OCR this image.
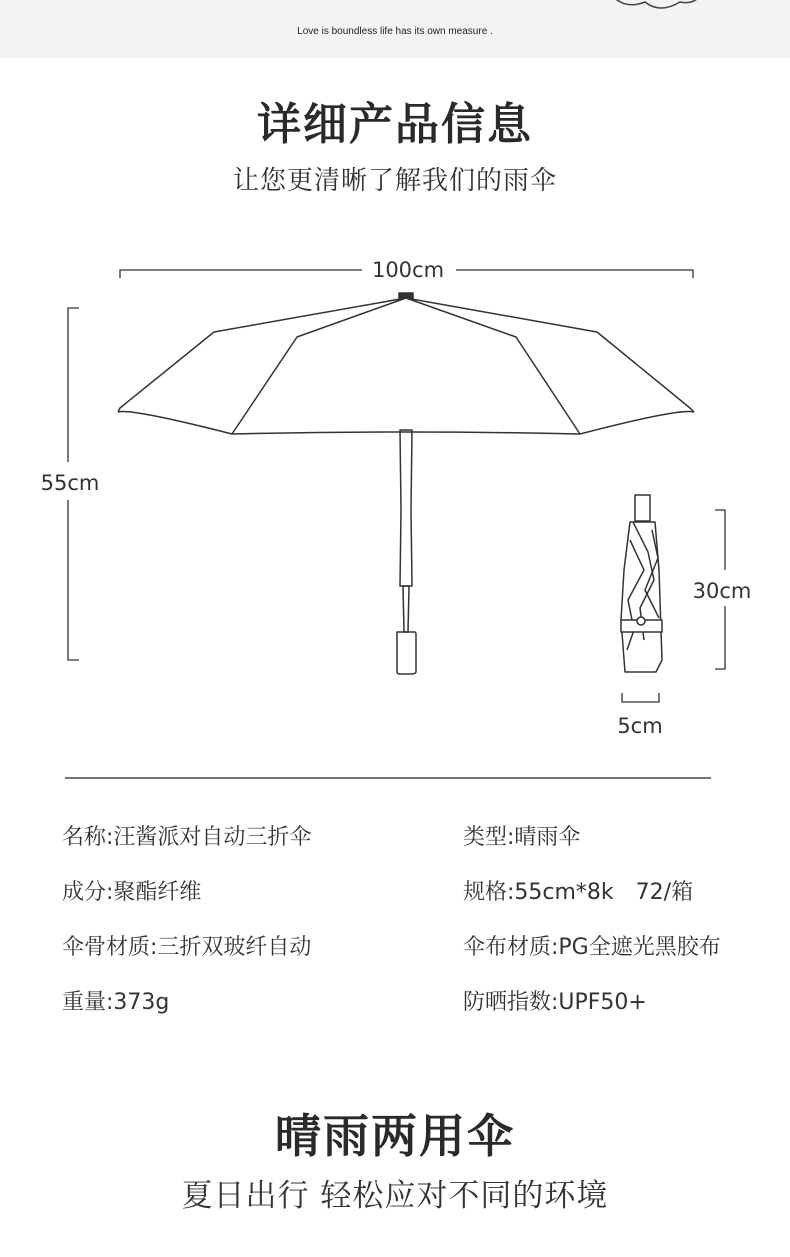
Love is boundless life has its own measure .
详细产品信息
让您更清晰了解我们的雨伞
100cm
55cm
30cm
5cm
名称:汪酱派对自动三折伞
成分:聚酯纤维
伞骨材质:三折双玻纤自动
重量:373g
类型:晴雨伞
规格:55cm*8k　72/箱
伞布材质:PG全遮光黑胶布
防晒指数:UPF50+
晴雨两用伞
夏日出行 轻松应对不同的环境
